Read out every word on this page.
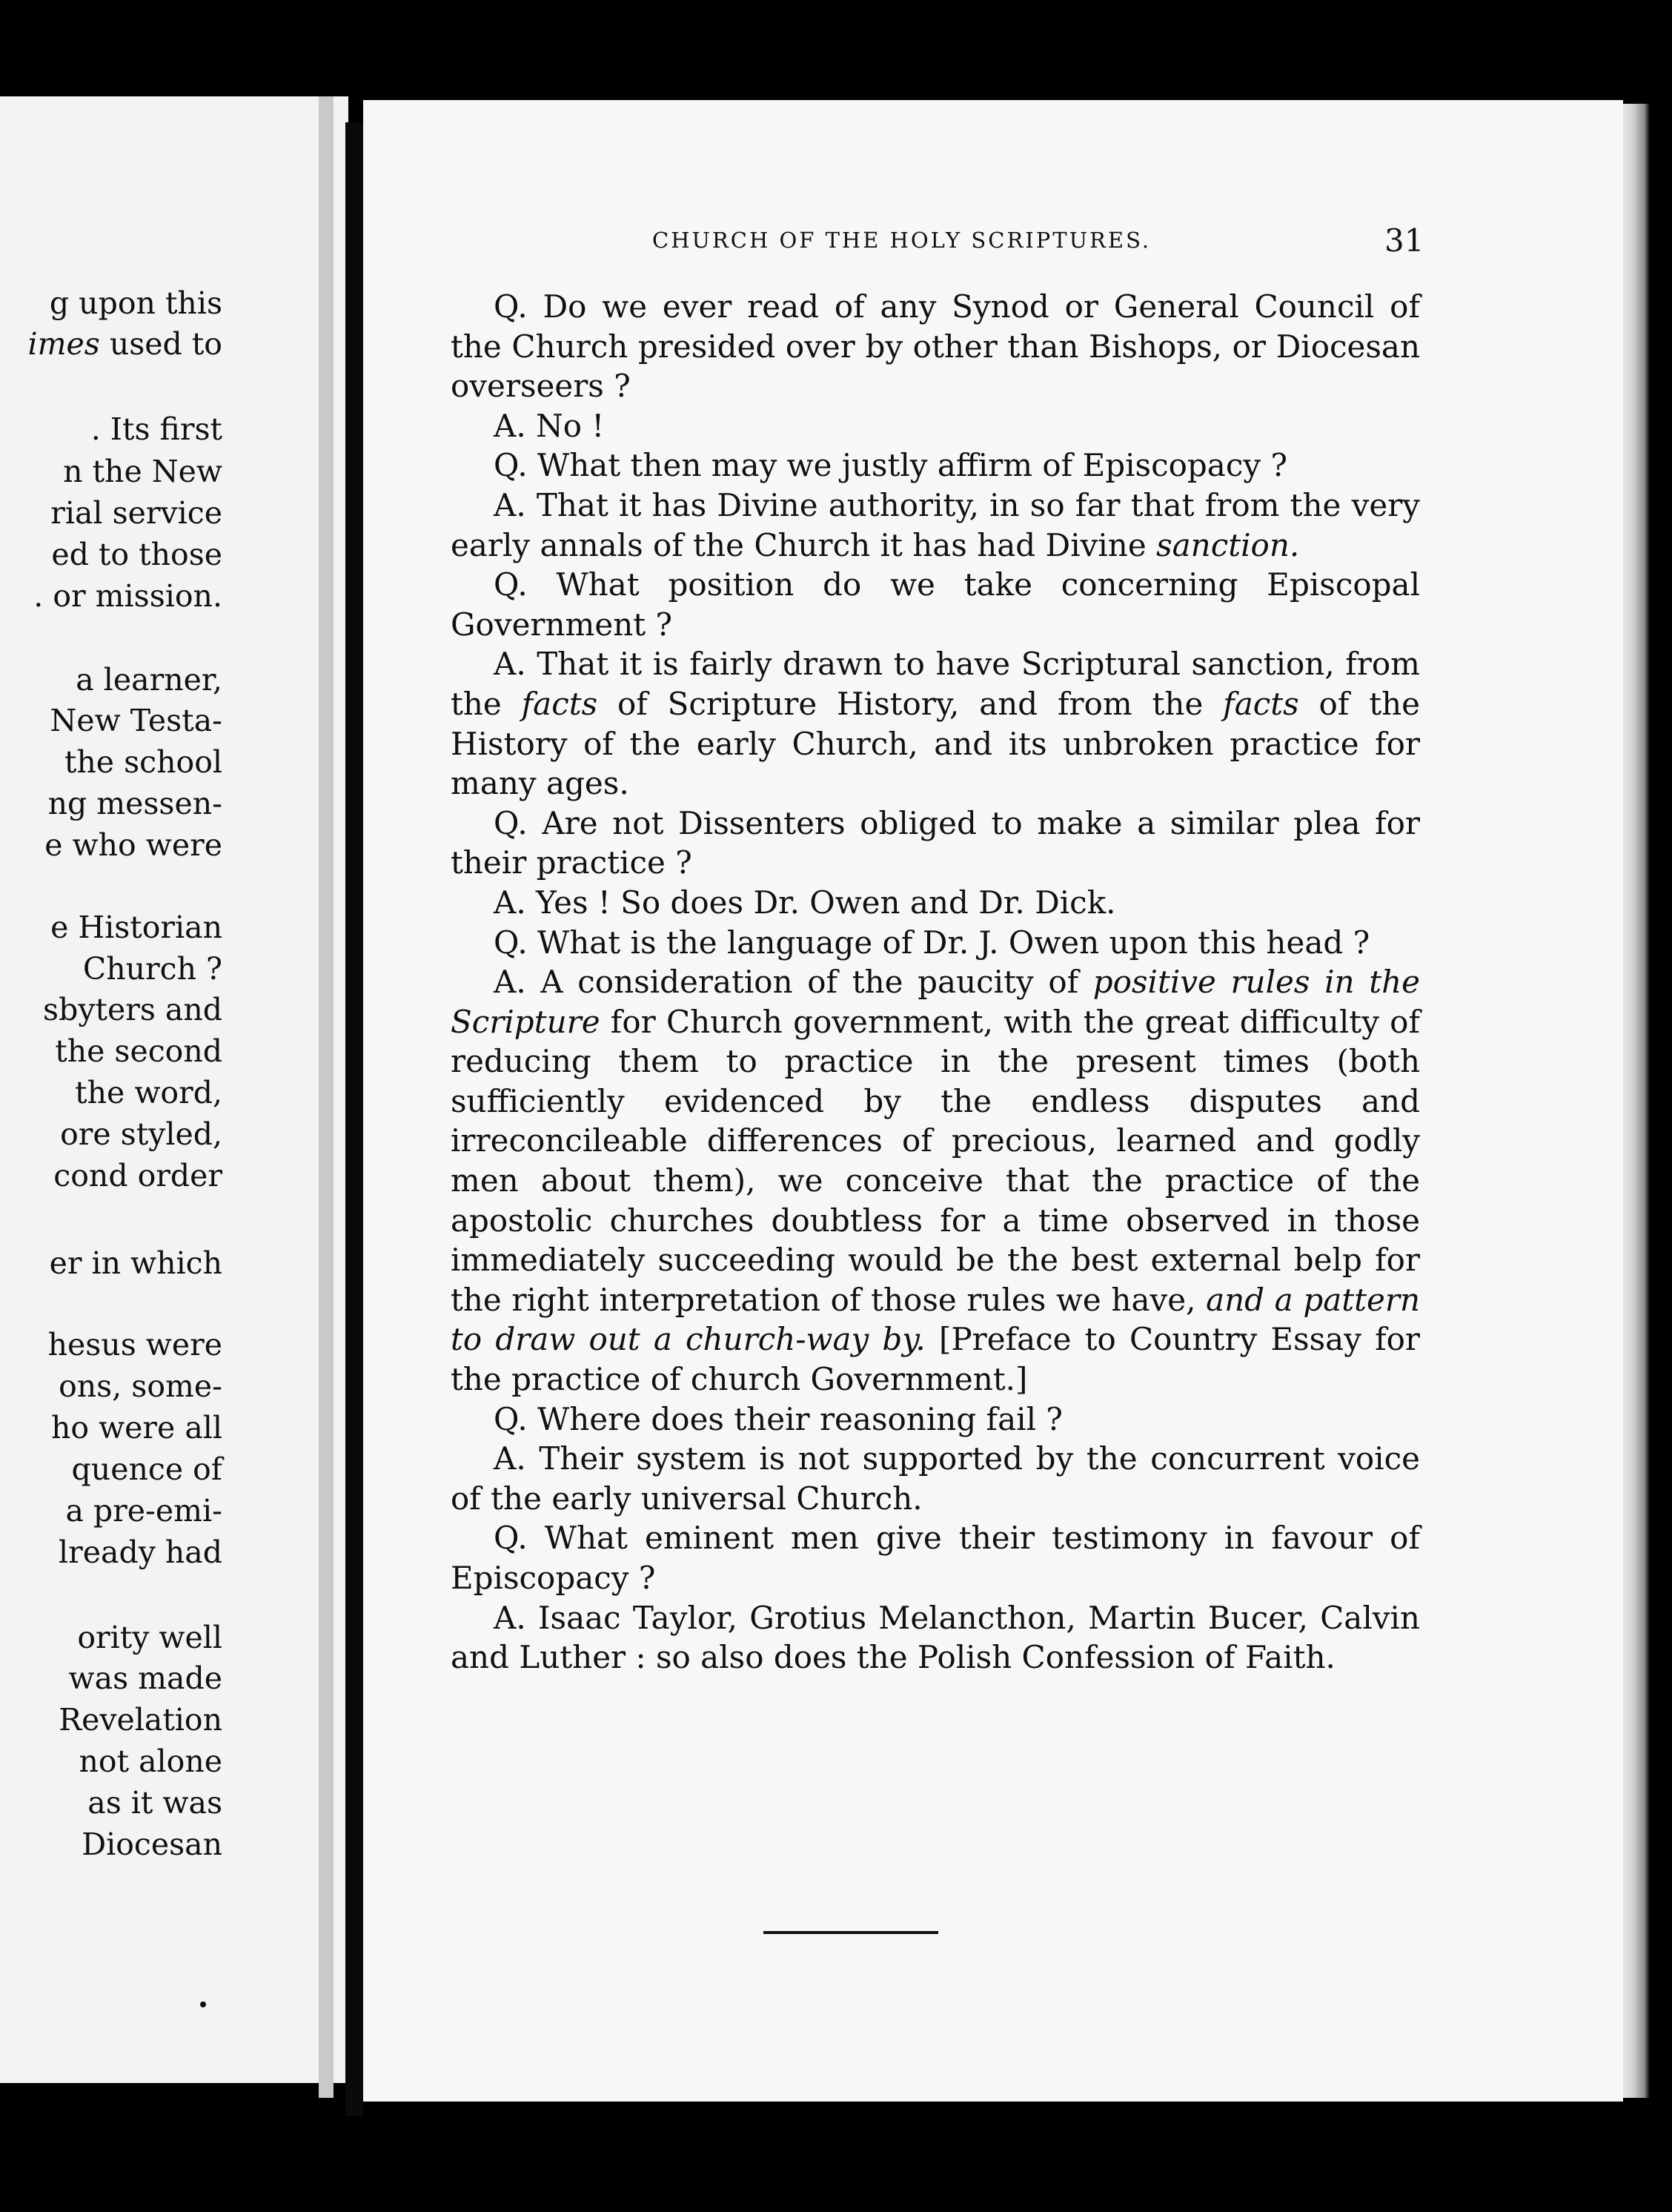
g upon this
imes used to
. Its first
n the New
rial service
ed to those
. or mission.
a learner,
New Testa-
the school
ng messen-
e who were
e Historian
Church ?
sbyters and
the second
the word,
ore styled,
cond order
er in which
hesus were
ons, some-
ho were all
quence of
a pre-emi-
lready had
ority well
was made
Revelation
not alone
as it was
Diocesan
CHURCH OF THE HOLY SCRIPTURES.	31

Q. Do we ever read of any Synod or General Council of the Church presided over by other than Bishops, or Diocesan overseers ?

A. No !

Q. What then may we justly affirm of Episcopacy ?

A. That it has Divine authority, in so far that from the very early annals of the Church it has had Divine sanction.

Q. What position do we take concerning Episcopal Government ?

A. That it is fairly drawn to have Scriptural sanction, from the facts of Scripture History, and from the facts of the History of the early Church, and its unbroken practice for many ages.

Q. Are not Dissenters obliged to make a similar plea for their practice ?

A. Yes ! So does Dr. Owen and Dr. Dick.

Q. What is the language of Dr. J. Owen upon this head ?

A. A consideration of the paucity of positive rules in the Scripture for Church government, with the great difficulty of reducing them to practice in the present times (both sufficiently evidenced by the endless disputes and irreconcileable differences of precious, learned and godly men about them), we conceive that the practice of the apostolic churches doubtless for a time observed in those immediately succeeding would be the best external belp for the right interpretation of those rules we have, and a pattern to draw out a church-way by. [Preface to Country Essay for the practice of church Government.]

Q. Where does their reasoning fail ?

A. Their system is not supported by the concurrent voice of the early universal Church.

Q. What eminent men give their testimony in favour of Episcopacy ?

A. Isaac Taylor, Grotius Melancthon, Martin Bucer, Calvin and Luther : so also does the Polish Confession of Faith.
